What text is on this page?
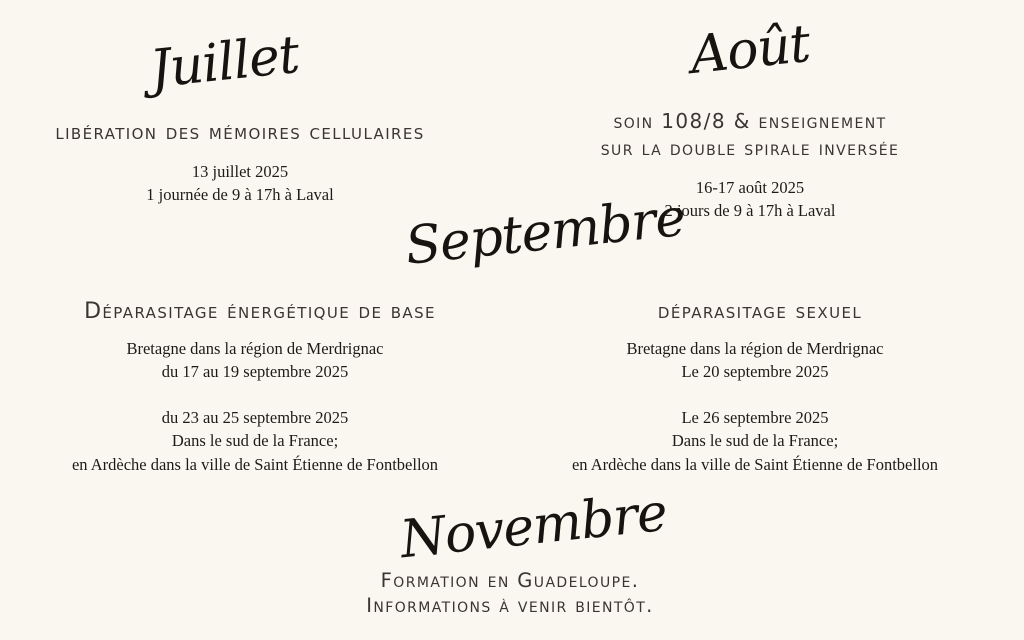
Juillet
libération des mémoires cellulaires
13 juillet 2025
1 journée de 9 à 17h à Laval
Août
soin 108/8 & enseignement
sur la double spirale inversée
16-17 août 2025
2 jours de 9 à 17h à Laval
Septembre
Déparasitage énergétique de base
Bretagne dans la région de Merdrignac
du 17 au 19 septembre 2025
du 23 au 25 septembre 2025
Dans le sud de la France;
en Ardèche dans la ville de Saint Étienne de Fontbellon
déparasitage sexuel
Bretagne dans la région de Merdrignac
Le 20 septembre 2025
Le 26 septembre 2025
Dans le sud de la France;
en Ardèche dans la ville de Saint Étienne de Fontbellon
Novembre
Formation en Guadeloupe.
Informations à venir bientôt.
